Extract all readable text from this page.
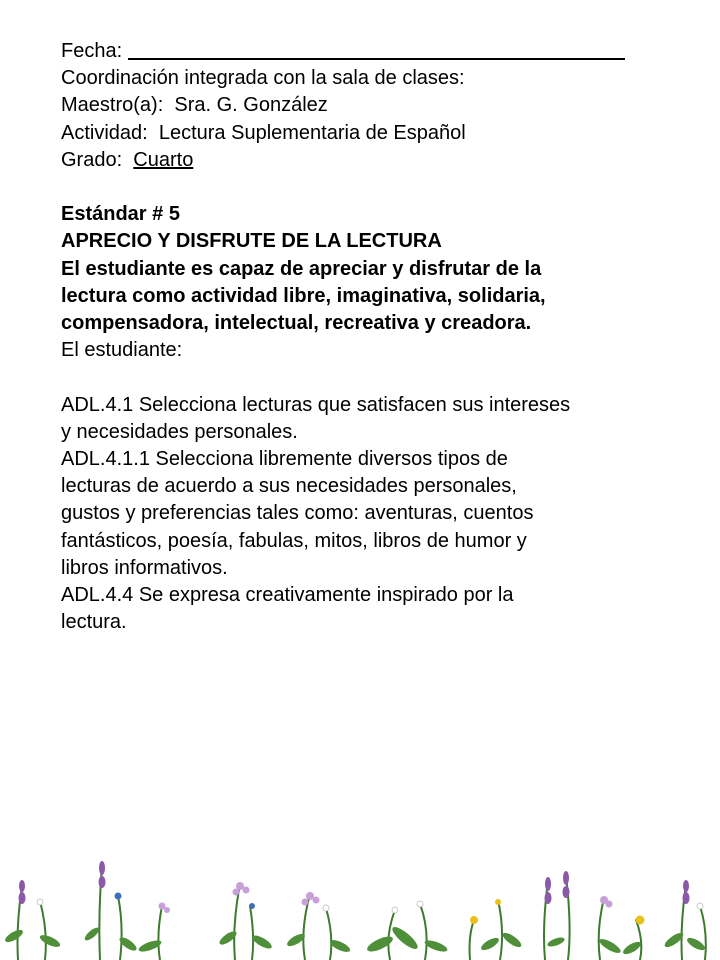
Fecha:
Coordinación integrada con la sala de clases:
Maestro(a): Sra. G. González
Actividad: Lectura Suplementaria de Español
Grado: Cuarto
Estándar # 5
APRECIO Y DISFRUTE DE LA LECTURA
El estudiante es capaz de apreciar y disfrutar de la
lectura como actividad libre, imaginativa, solidaria,
compensadora, intelectual, recreativa y creadora.
El estudiante:
ADL.4.1 Selecciona lecturas que satisfacen sus intereses
y necesidades personales.
ADL.4.1.1 Selecciona libremente diversos tipos de
lecturas de acuerdo a sus necesidades personales,
gustos y preferencias tales como: aventuras, cuentos
fantásticos, poesía, fabulas, mitos, libros de humor y
libros informativos.
ADL.4.4 Se expresa creativamente inspirado por la
lectura.
